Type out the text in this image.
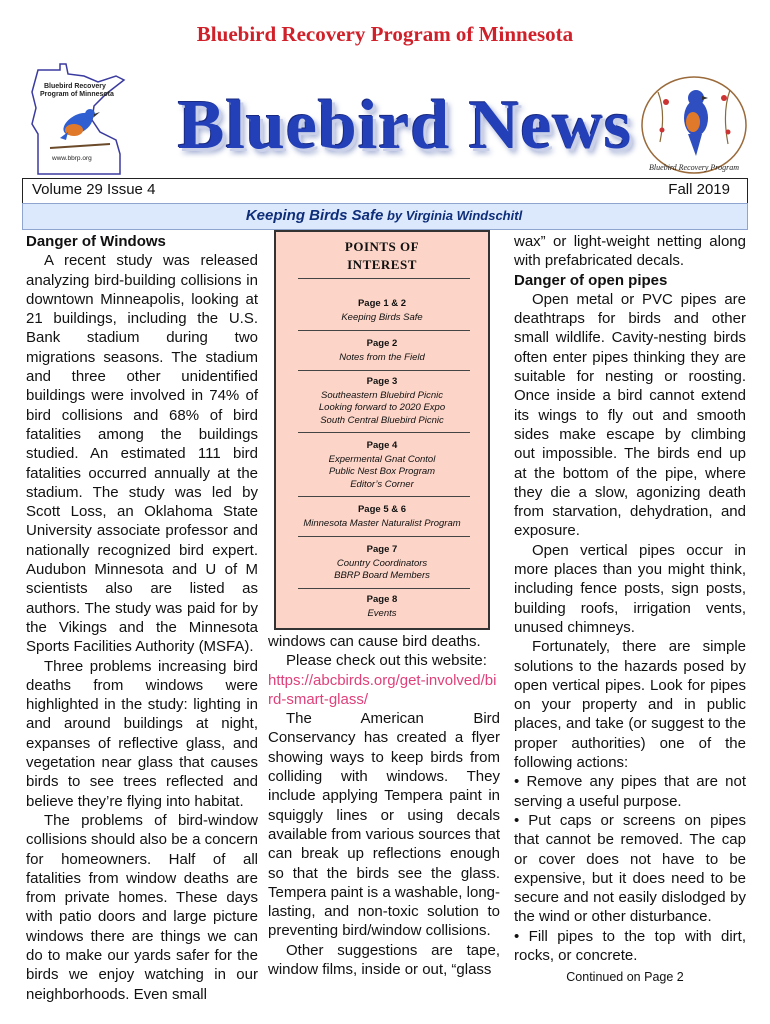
Bluebird Recovery Program of Minnesota
Bluebird Recovery
Program of Minnesota
www.bbrp.org Bluebird News
Bluebird Recovery Program
Volume 29 Issue 4	Fall 2019
Keeping Birds Safe by Virginia Windschitl
Danger of Windows

A recent study was released analyzing bird-building collisions in downtown Minneapolis, looking at 21 buildings, including the U.S. Bank stadium during two migrations seasons. The stadium and three other unidentified buildings were involved in 74% of bird collisions and 68% of bird fatalities among the buildings studied. An estimated 111 bird fatalities occurred annually at the stadium. The study was led by Scott Loss, an Oklahoma State University associate professor and nationally recognized bird expert. Audubon Minnesota and U of M scientists also are listed as authors. The study was paid for by the Vikings and the Minnesota Sports Facilities Authority (MSFA).

Three problems increasing bird deaths from windows were highlighted in the study: lighting in and around buildings at night, expanses of reflective glass, and vegetation near glass that causes birds to see trees reflected and believe they’re flying into habitat.

The problems of bird-window collisions should also be a concern for homeowners. Half of all fatalities from window deaths are from private homes. These days with patio doors and large picture windows there are things we can do to make our yards safer for the birds we enjoy watching in our neighborhoods. Even small

POINTS OF
INTEREST
Page 1 & 2
Keeping Birds Safe
Page 2
Notes from the Field
Page 3
Southeastern Bluebird Picnic
Looking forward to 2020 Expo
South Central Bluebird Picnic
Page 4
Expermental Gnat Contol
Public Nest Box Program
Editor’s Corner
Page 5 & 6
Minnesota Master Naturalist Program
Page 7
Country Coordinators
BBRP Board Members
Page 8
Events

windows can cause bird deaths.

Please check out this website:

https://abcbirds.org/get-involved/bird-smart-glass/

The American Bird Conservancy has created a flyer showing ways to keep birds from colliding with windows. They include applying Tempera paint in squiggly lines or using decals available from various sources that can break up reflections enough so that the birds see the glass. Tempera paint is a washable, long-lasting, and non-toxic solution to preventing bird/window collisions.

Other suggestions are tape, window films, inside or out, “glass

wax” or light-weight netting along with prefabricated decals.

Danger of open pipes

Open metal or PVC pipes are deathtraps for birds and other small wildlife. Cavity-nesting birds often enter pipes thinking they are suitable for nesting or roosting. Once inside a bird cannot extend its wings to fly out and smooth sides make escape by climbing out impossible. The birds end up at the bottom of the pipe, where they die a slow, agonizing death from starvation, dehydration, and exposure.

Open vertical pipes occur in more places than you might think, including fence posts, sign posts, building roofs, irrigation vents, unused chimneys.

Fortunately, there are simple solutions to the hazards posed by open vertical pipes. Look for pipes on your property and in public places, and take (or suggest to the proper authorities) one of the following actions:

• Remove any pipes that are not serving a useful purpose.

• Put caps or screens on pipes that cannot be removed. The cap or cover does not have to be expensive, but it does need to be secure and not easily dislodged by the wind or other disturbance.

• Fill pipes to the top with dirt, rocks, or concrete.

Continued on Page 2
